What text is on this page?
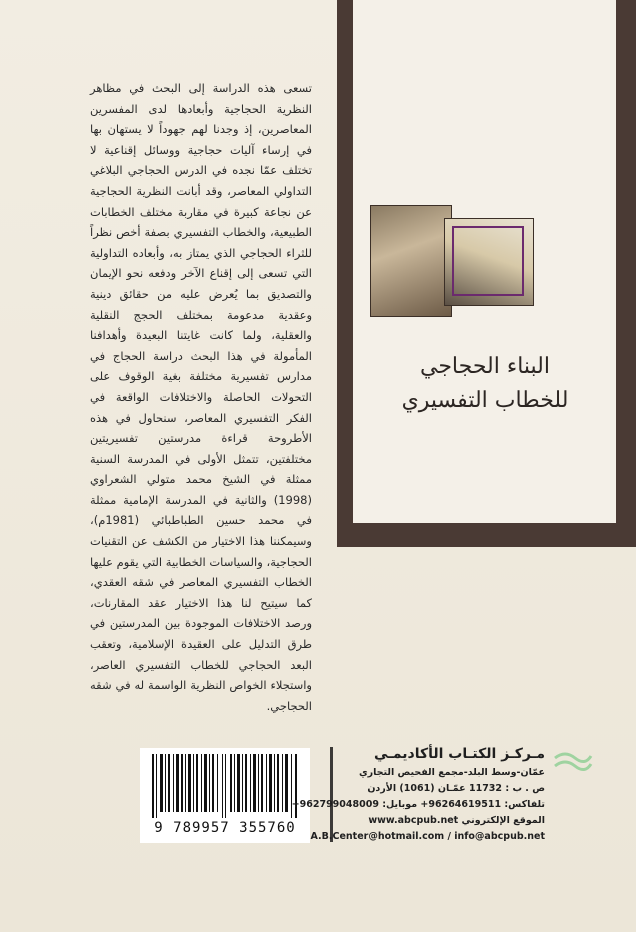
البناء الحجاجي
للخطاب التفسيري
تسعى هذه الدراسة إلى البحث في مظاهر النظرية الحجاجية وأبعادها لدى المفسرين المعاصرين، إذ وجدنا لهم جهوداً لا يستهان بها في إرساء آليات حجاجية ووسائل إقناعية لا تختلف عمّا نجده في الدرس الحجاجي البلاغي التداولي المعاصر، وقد أبانت النظرية الحجاجية عن نجاعة كبيرة في مقاربة مختلف الخطابات الطبيعية، والخطاب التفسيري بصفة أخص نظراً للثراء الحجاجي الذي يمتاز به، وأبعاده التداولية التي تسعى إلى إقناع الآخر ودفعه نحو الإيمان والتصديق بما يُعرض عليه من حقائق دينية وعقدية مدعومة بمختلف الحجج النقلية والعقلية، ولما كانت غايتنا البعيدة وأهدافنا المأمولة في هذا البحث دراسة الحجاج في مدارس تفسيرية مختلفة بغية الوقوف على التحولات الحاصلة والاختلافات الواقعة في الفكر التفسيري المعاصر، سنحاول في هذه الأطروحة قراءة مدرستين تفسيريتين مختلفتين، تتمثل الأولى في المدرسة السنية ممثلة في الشيخ محمد متولي الشعراوي (1998) والثانية في المدرسة الإمامية ممثلة في محمد حسين الطباطبائي (1981م)، وسيمكننا هذا الاختيار من الكشف عن التقنيات الحجاجية، والسياسات الخطابية التي يقوم عليها الخطاب التفسيري المعاصر في شقه العقدي، كما سيتيح لنا هذا الاختيار عقد المقارنات، ورصد الاختلافات الموجودة بين المدرستين في طرق التدليل على العقيدة الإسلامية، وتعقب البعد الحجاجي للخطاب التفسيري العاصر، واستجلاء الخواص النظرية الواسمة له في شقه الحجاجي.
9 789957 355760
مـركـز الكتـاب الأكاديمـي
عمّان-وسط البلد-مجمع الفحيص التجاري
ص . ب : 11732 عمّـان (1061) الأردن
تلفاكس: 96264619511+ موبايل: 962799048009+
الموقع الإلكتروني www.abcpub.net
A.B.Center@hotmail.com / info@abcpub.net
